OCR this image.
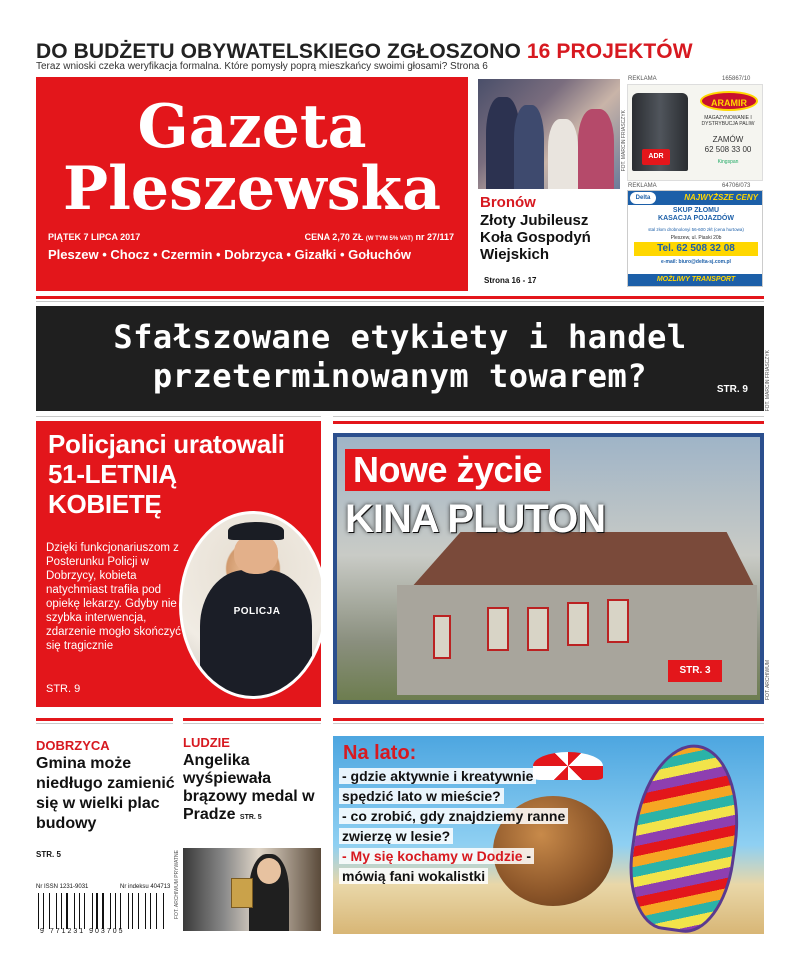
DO BUDŻETU OBYWATELSKIEGO ZGŁOSZONO 16 PROJEKTÓW
Teraz wnioski czeka weryfikacja formalna. Które pomysły poprą mieszkańcy swoimi głosami? Strona 6
Gazeta
Pleszewska
PIĄTEK 7 LIPCA 2017	CENA 2,70 ZŁ (W TYM 5% VAT) nr 27/117
Pleszew • Chocz • Czermin • Dobrzyca • Gizałki • Gołuchów
FOT. MARCIN FRIASCZYK
Bronów
Złoty Jubileusz Koła Gospodyń Wiejskich
Strona 16 - 17
REKLAMA	165867/10
ADR
ARAMIR
MAGAZYNOWANIE I DYSTRYBUCJA PALIW
ZAMÓW
62 508 33 00
Kingspan
REKLAMA	64706/073
NAJWYŻSZE CENY
Delta
SKUP ZŁOMU
KASACJA POJAZDÓW
stal złom drobnolonyi 56-600 zł/t (cena hurtowa)
Pleszew, ul. Piaski 20b
Tel. 62 508 32 08
e-mail: biuro@delta-sj.com.pl
MOŻLIWY TRANSPORT
Sfałszowane etykiety i handel
przeterminowanym towarem?	STR. 9	FOT. MARCIN FRIASCZYK
Policjanci uratowali
51-LETNIĄ
KOBIETĘ
POLICJA
Dzięki funkcjonariuszom z Posterunku Policji w Dobrzycy, kobieta natychmiast trafiła pod opiekę lekarzy. Gdyby nie szybka interwencja, zdarzenie mogło skończyć się tragicznie
STR. 9
Nowe życie
KINA PLUTON
STR. 3	FOT. ARCHIWUM
DOBRZYCA
Gmina może niedługo zamienić się w wielki plac budowy
STR. 5
Nr ISSN 1231-9031	Nr indeksu 404713
9 771231 903705
LUDZIE
Angelika wyśpiewała brązowy medal w Pradze STR. 5
FOT. ARCHIWUM PRYWATNE
Na lato:
- gdzie aktywnie i kreatywnie spędzić lato w mieście?
- co zrobić, gdy znajdziemy ranne zwierzę w lesie?
- My się kochamy w Dodzie - mówią fani wokalistki
